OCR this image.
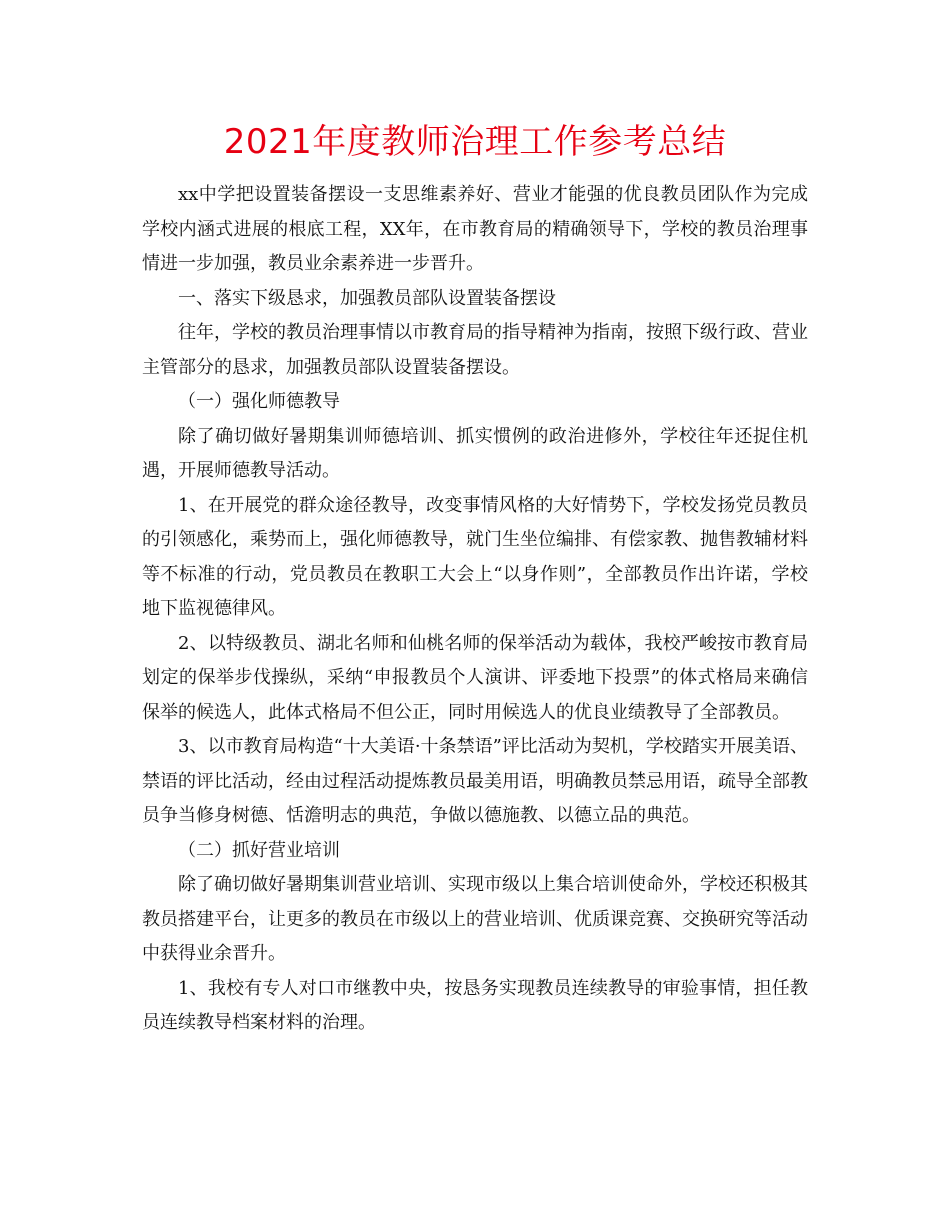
2021年度教师治理工作参考总结

xx中学把设置装备摆设一支思维素养好、营业才能强的优良教员团队作为完成学校内涵式进展的根底工程，XX年，在市教育局的精确领导下，学校的教员治理事情进一步加强，教员业余素养进一步晋升。

一、落实下级恳求，加强教员部队设置装备摆设

往年，学校的教员治理事情以市教育局的指导精神为指南，按照下级行政、营业主管部分的恳求，加强教员部队设置装备摆设。

（一）强化师德教导

除了确切做好暑期集训师德培训、抓实惯例的政治进修外，学校往年还捉住机遇，开展师德教导活动。

1、在开展党的群众途径教导，改变事情风格的大好情势下，学校发扬党员教员的引领感化，乘势而上，强化师德教导，就门生坐位编排、有偿家教、抛售教辅材料等不标准的行动，党员教员在教职工大会上“以身作则”，全部教员作出许诺，学校地下监视德律风。

2、以特级教员、湖北名师和仙桃名师的保举活动为载体，我校严峻按市教育局划定的保举步伐操纵，采纳“申报教员个人演讲、评委地下投票”的体式格局来确信保举的候选人，此体式格局不但公正，同时用候选人的优良业绩教导了全部教员。

3、以市教育局构造“十大美语·十条禁语”评比活动为契机，学校踏实开展美语、禁语的评比活动，经由过程活动提炼教员最美用语，明确教员禁忌用语，疏导全部教员争当修身树德、恬澹明志的典范，争做以德施教、以德立品的典范。

（二）抓好营业培训

除了确切做好暑期集训营业培训、实现市级以上集合培训使命外，学校还积极其教员搭建平台，让更多的教员在市级以上的营业培训、优质课竞赛、交换研究等活动中获得业余晋升。

1、我校有专人对口市继教中央，按恳务实现教员连续教导的审验事情，担任教员连续教导档案材料的治理。
